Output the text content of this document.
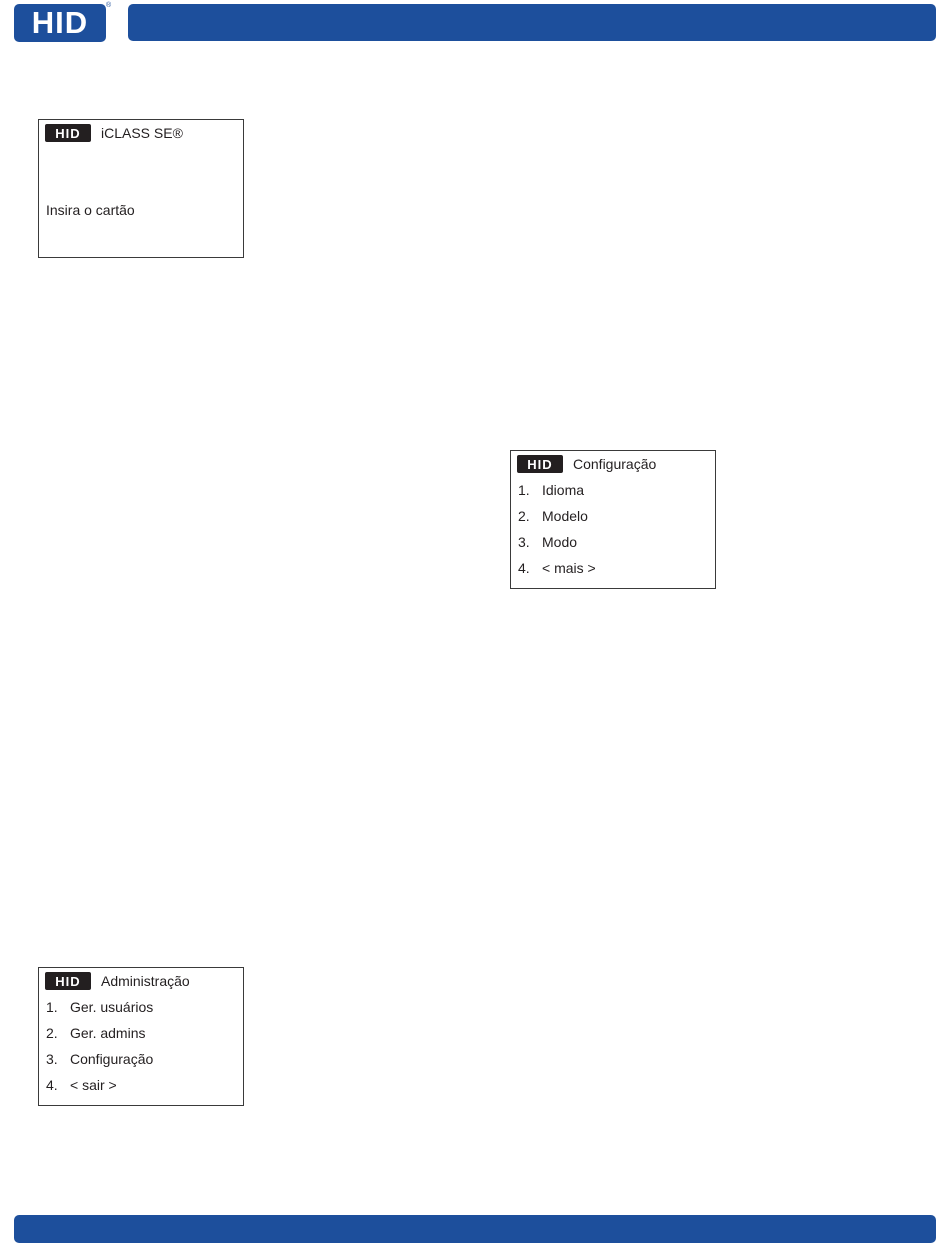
HID	®
HID iCLASS SE®
Insira o cartão
HID Configuração
1. Idioma
2. Modelo
3. Modo
4. < mais >
HID Administração
1. Ger. usuários
2. Ger. admins
3. Configuração
4. < sair >
